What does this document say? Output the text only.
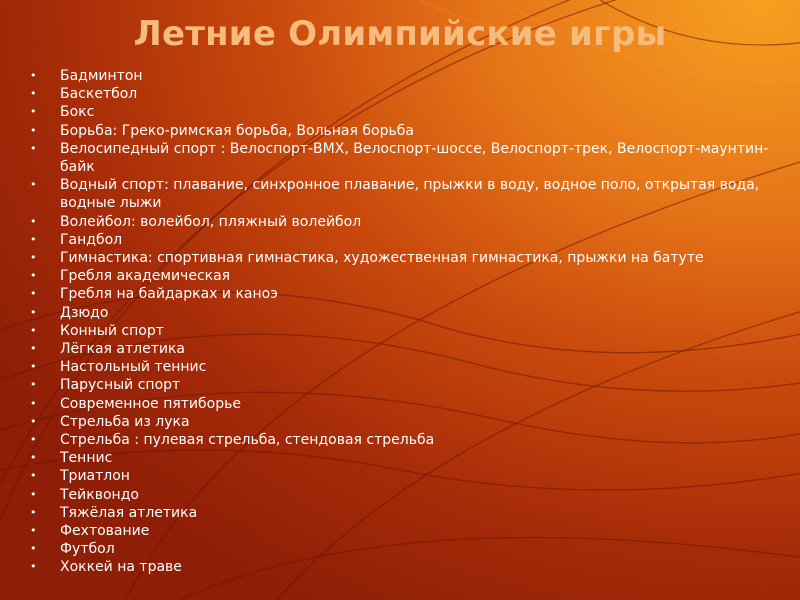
Летние Олимпийские игры
• Бадминтон
• Баскетбол
• Бокс
• Борьба: Греко-римская борьба, Вольная борьба
• Велосипедный спорт : Велоспорт-BMX, Велоспорт-шоссе, Велоспорт-трек, Велоспорт-маунтин-байк
• Водный спорт: плавание, синхронное плавание, прыжки в воду, водное поло, открытая вода, водные лыжи
• Волейбол: волейбол, пляжный волейбол
• Гандбол
• Гимнастика: спортивная гимнастика, художественная гимнастика, прыжки на батуте
• Гребля академическая
• Гребля на байдарках и каноэ
• Дзюдо
• Конный спорт
• Лёгкая атлетика
• Настольный теннис
• Парусный спорт
• Современное пятиборье
• Стрельба из лука
• Стрельба : пулевая стрельба, стендовая стрельба
• Теннис
• Триатлон
• Тейквондо
• Тяжёлая атлетика
• Фехтование
• Футбол
• Хоккей на траве
